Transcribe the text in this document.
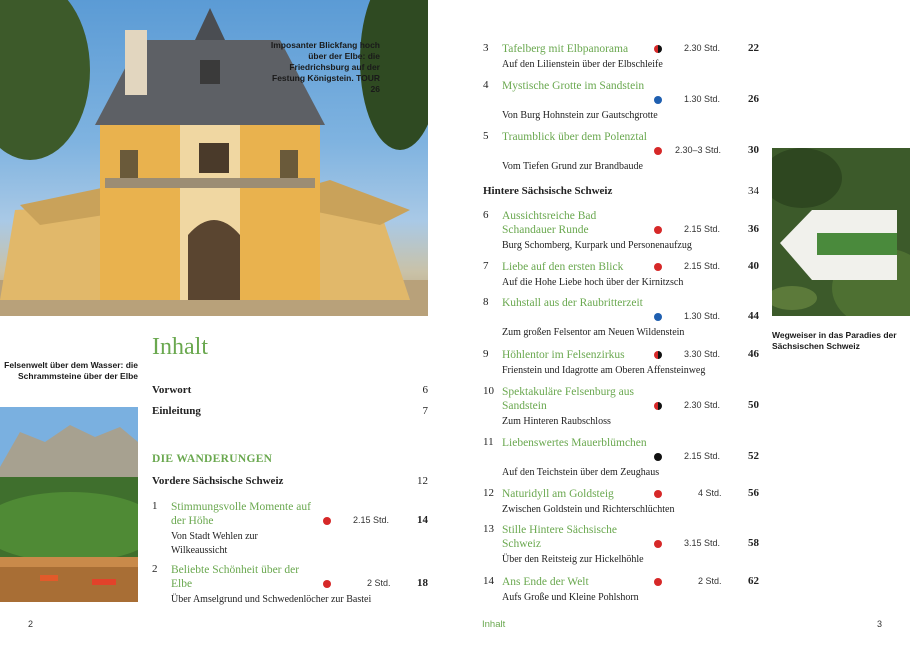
Imposanter Blickfang hoch über der Elbe: die Friedrichsburg auf der Festung Königstein. TOUR 26
Felsenwelt über dem Wasser: die Schrammsteine über der Elbe
Inhalt
Vorwort	6
Einleitung	7
DIE WANDERUNGEN
Vordere Sächsische Schweiz	12
1 Stimmungsvolle Momente auf der Höhe	2.15 Std.	14
Von Stadt Wehlen zur Wilkeaussicht
2 Beliebte Schönheit über der Elbe	2 Std. 18
Über Amselgrund und Schwedenlöcher zur Bastei
3 Tafelberg mit Elbpanorama	2.30 Std.	22
Auf den Lilienstein über der Elbschleife
4 Mystische Grotte im Sandstein
1.30 Std.	26
Von Burg Hohnstein zur Gautschgrotte
5 Traumblick über dem Polenztal
2.30–3 Std. 30
Vom Tiefen Grund zur Brandbaude
Hintere Sächsische Schweiz	34
6 Aussichtsreiche Bad Schandauer Runde	2.15 Std.	36
Burg Schomberg, Kurpark und Personenaufzug
7 Liebe auf den ersten Blick	2.15 Std.	40
Auf die Hohe Liebe hoch über der Kirnitzsch
8 Kuhstall aus der Raubritterzeit
1.30 Std.	44
Zum großen Felsentor am Neuen Wildenstein
9 Höhlentor im Felsenzirkus	3.30 Std.	46
Frienstein und Idagrotte am Oberen Affensteinweg
10 Spektakuläre Felsenburg aus Sandstein	2.30 Std.	50
Zum Hinteren Raubschloss
11 Liebenswertes Mauerblümchen
2.15 Std.	52
Auf den Teichstein über dem Zeughaus
12 Naturidyll am Goldsteig	4 Std. 56
Zwischen Goldstein und Richterschlüchten
13 Stille Hintere Sächsische Schweiz	3.15 Std.	58
Über den Reitsteig zur Hickelhöhle
14 Ans Ende der Welt	2 Std. 62
Aufs Große und Kleine Pohlshorn
Wegweiser in das Paradies der Sächsischen Schweiz
2	Inhalt	3
